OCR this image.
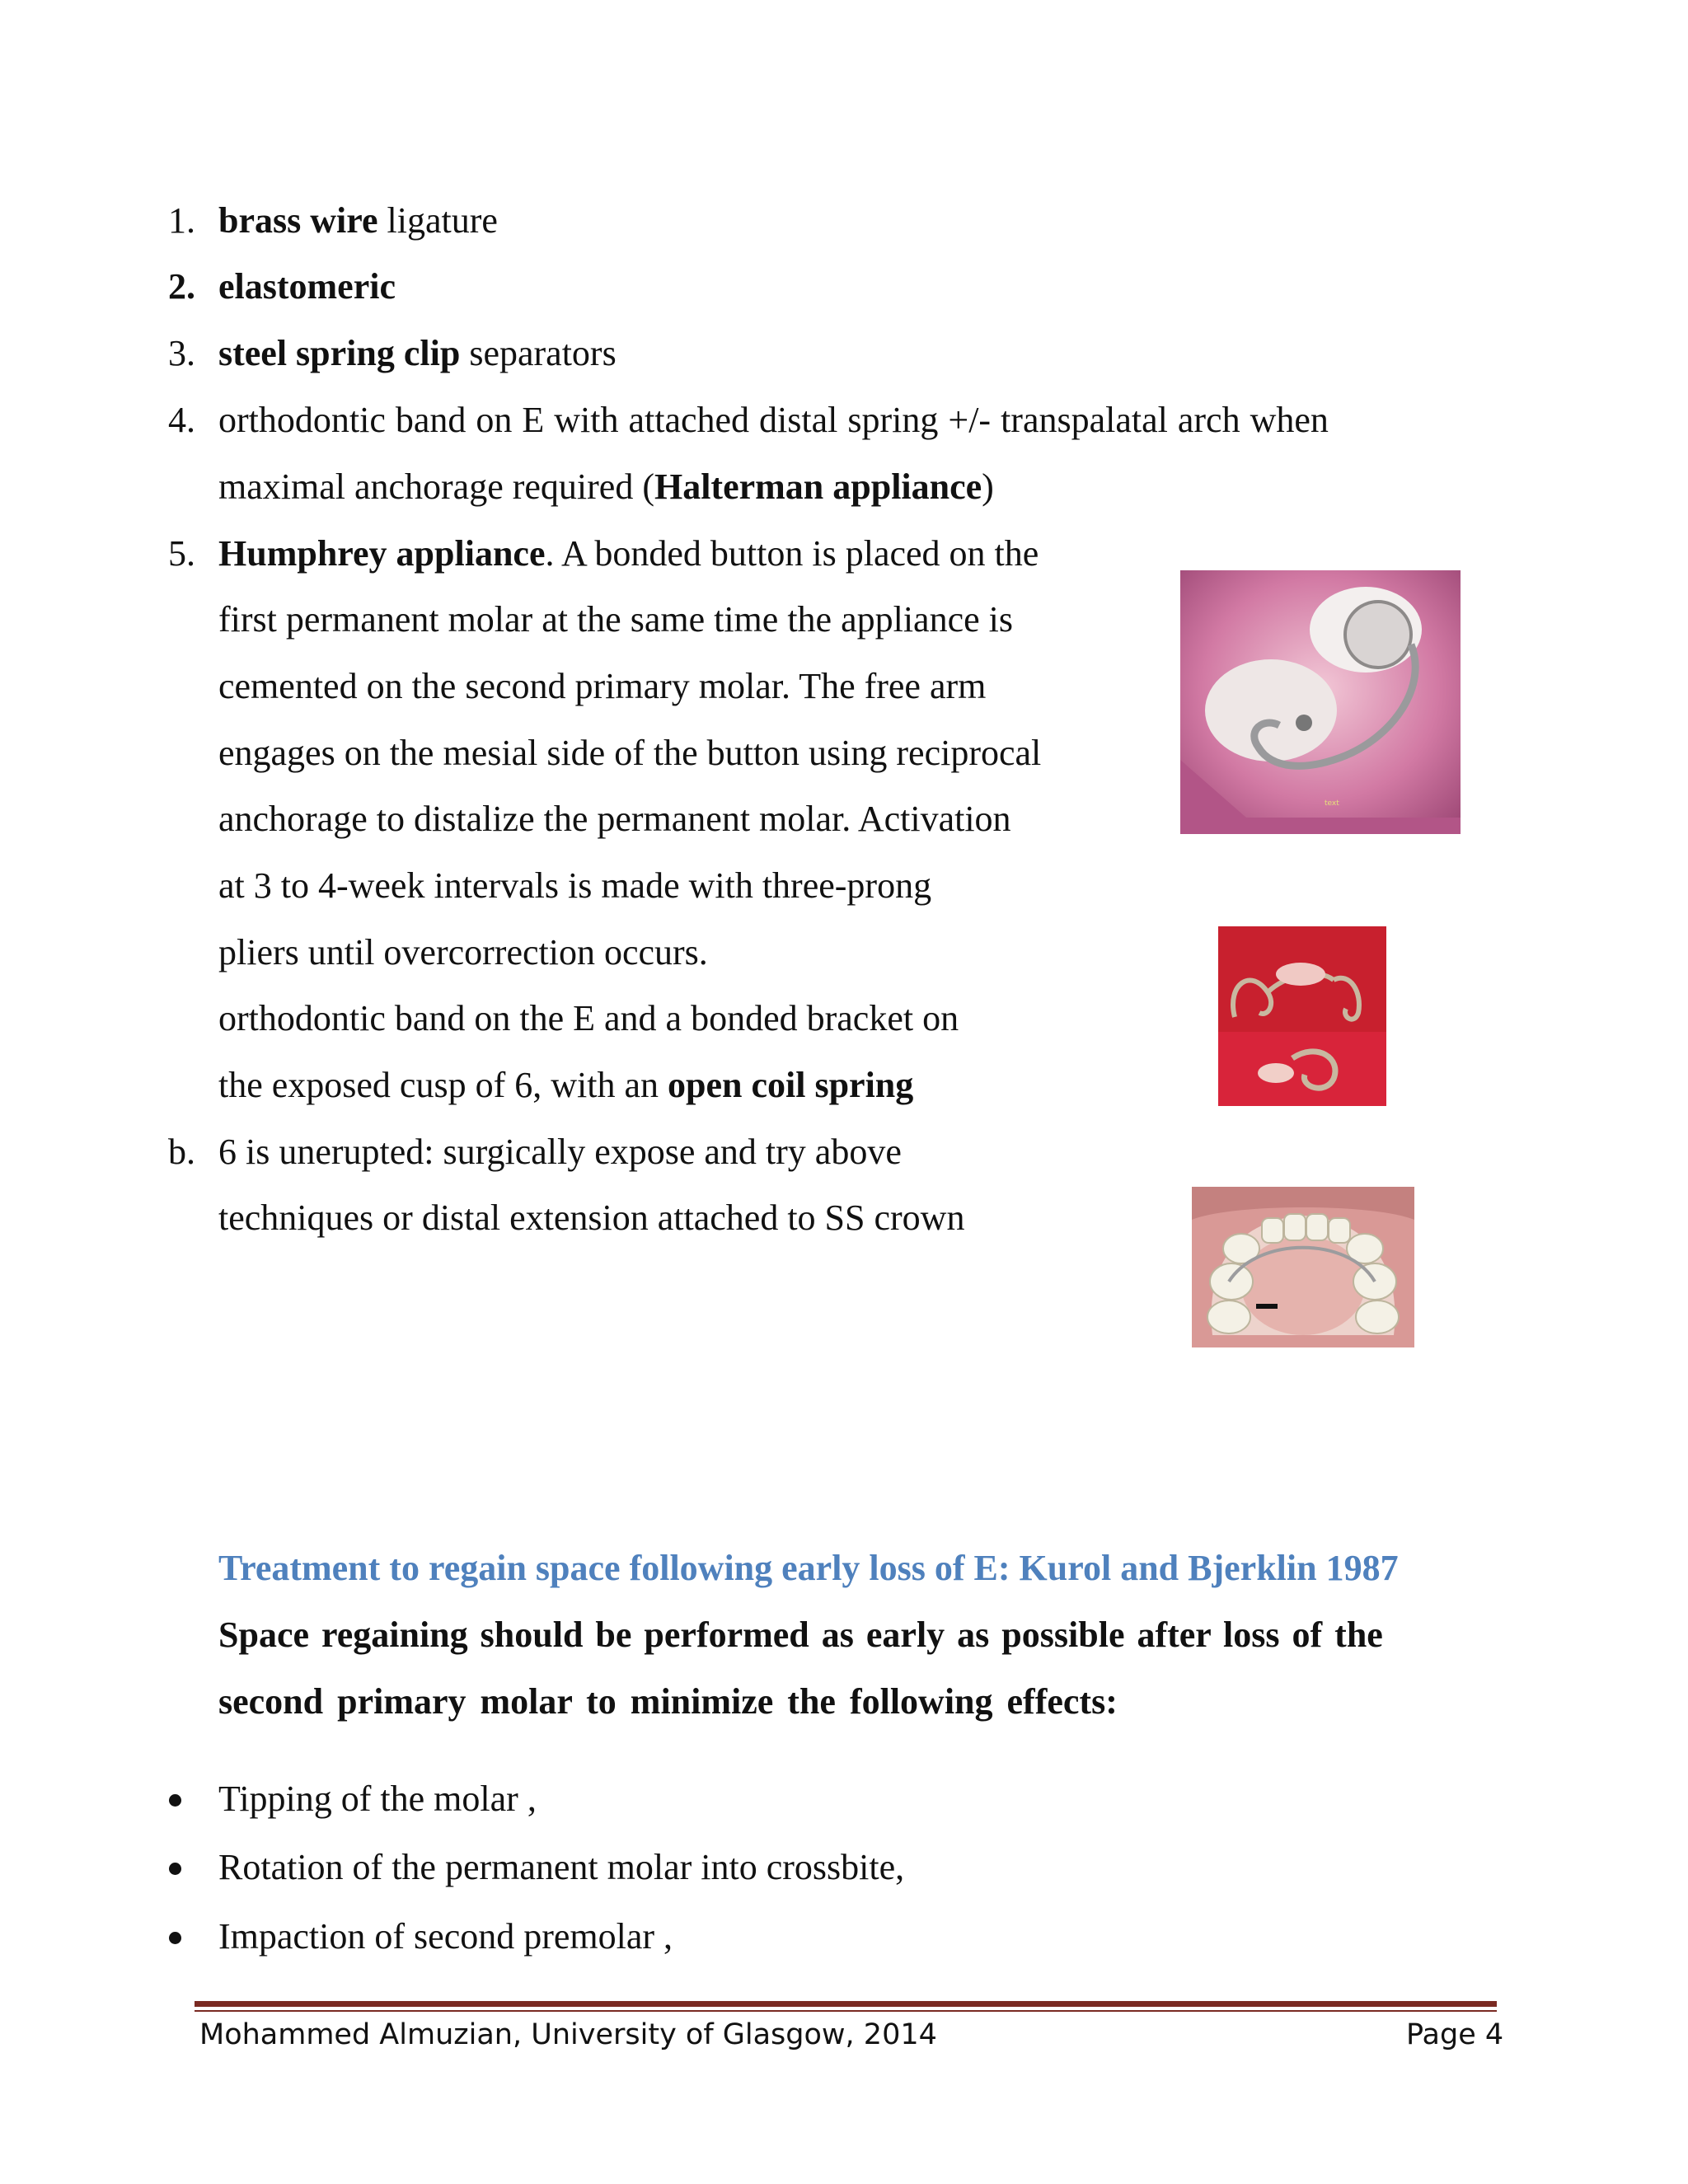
1. brass wire ligature
2. elastomeric
3. steel spring clip separators
4. orthodontic band on E with attached distal spring +/- transpalatal arch when
maximal anchorage required (Halterman appliance)
5. Humphrey appliance. A bonded button is placed on the
first permanent molar at the same time the appliance is
cemented on the second primary molar. The free arm
engages on the mesial side of the button using reciprocal
anchorage to distalize the permanent molar. Activation
at 3 to 4-week intervals is made with three-prong
pliers until overcorrection occurs.
orthodontic band on the E and a bonded bracket on
the exposed cusp of 6, with an open coil spring
b. 6 is unerupted: surgically expose and try above
techniques or distal extension attached to SS crown
text
Treatment to regain space following early loss of E: Kurol and Bjerklin 1987
Space regaining should be performed as early as possible after loss of the
second primary molar to minimize the following effects:
Tipping of the molar ,
Rotation of the permanent molar into crossbite,
Impaction of second premolar ,
Mohammed Almuzian, University of Glasgow, 2014	Page 4
